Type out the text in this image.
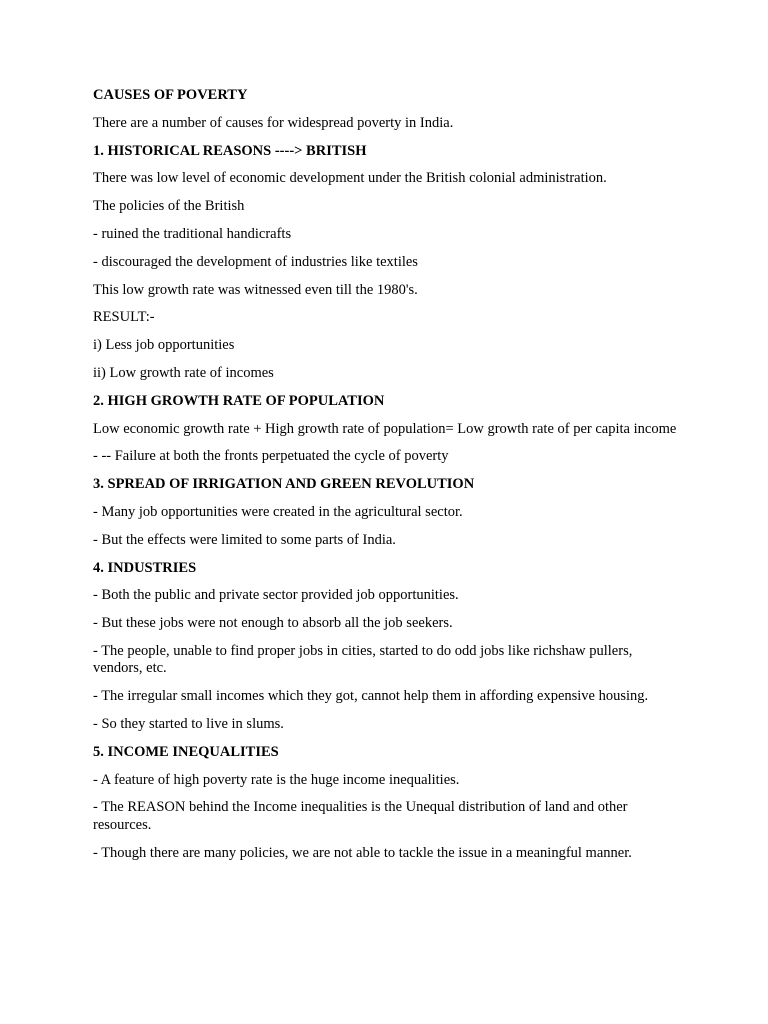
CAUSES OF POVERTY
There are a number of causes for widespread poverty in India.
1. HISTORICAL REASONS ----> BRITISH
There was low level of economic development under the British colonial administration.
The policies of the British
- ruined the traditional handicrafts
- discouraged the development of industries like textiles
This low growth rate was witnessed even till the 1980's.
RESULT:-
i) Less job opportunities
ii) Low growth rate of incomes
2. HIGH GROWTH RATE OF POPULATION
Low economic growth rate + High growth rate of population= Low growth rate of per capita income
- -- Failure at both the fronts perpetuated the cycle of poverty
3. SPREAD OF IRRIGATION AND GREEN REVOLUTION
- Many job opportunities were created in the agricultural sector.
- But the effects were limited to some parts of India.
4. INDUSTRIES
- Both the public and private sector provided job opportunities.
- But these jobs were not enough to absorb all the job seekers.
- The people, unable to find proper jobs in cities, started to do odd jobs like richshaw pullers, vendors, etc.
- The irregular small incomes which they got, cannot help them in affording expensive housing.
- So they started to live in slums.
5. INCOME INEQUALITIES
- A feature of high poverty rate is the huge income inequalities.
- The REASON behind the Income inequalities is the Unequal distribution of land and other resources.
- Though there are many policies, we are not able to tackle the issue in a meaningful manner.
